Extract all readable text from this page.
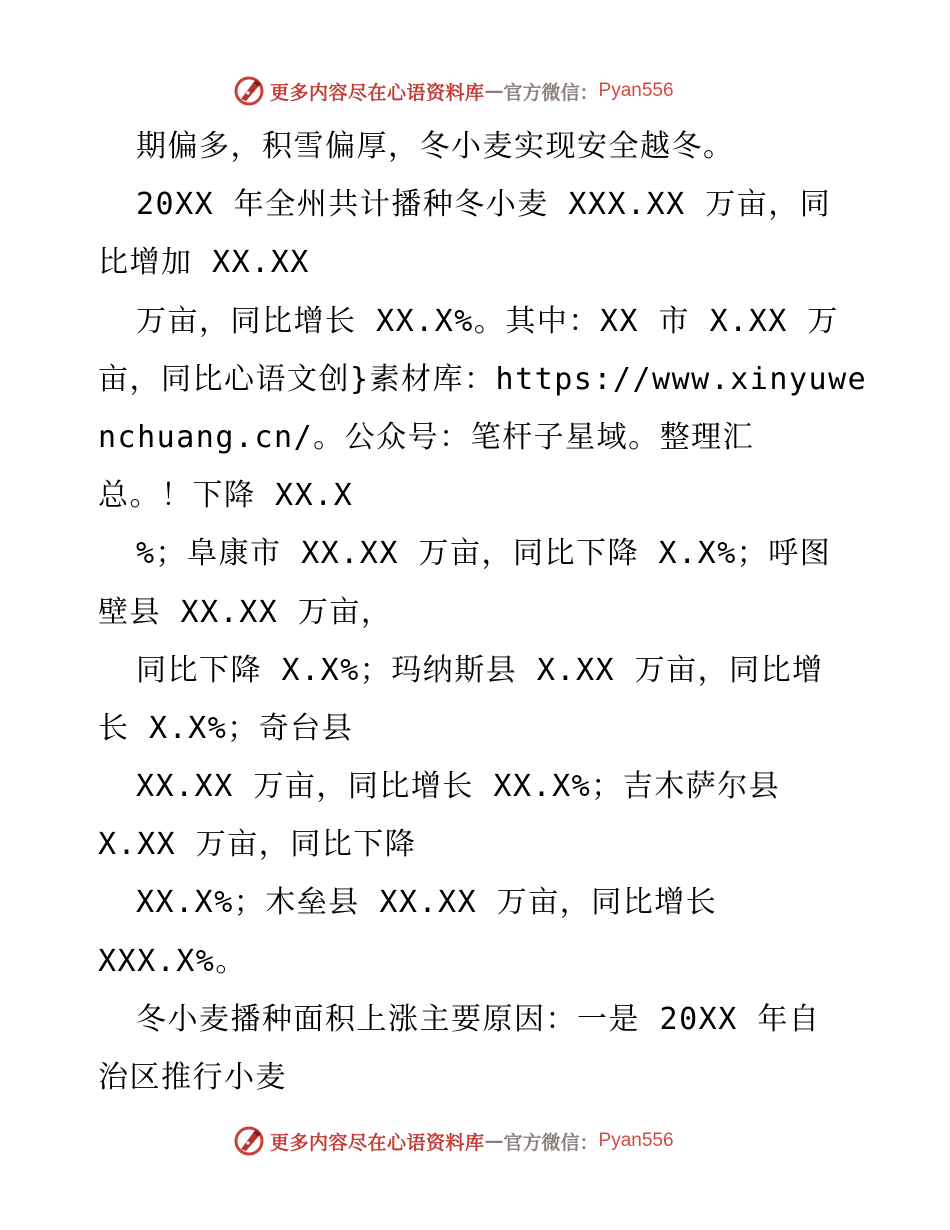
更多内容尽在心语资料库 — 官方微信： Pyan556
期偏多，积雪偏厚，冬小麦实现安全越冬。
20XX 年全州共计播种冬小麦 XXX.XX 万亩，同
比增加 XX.XX
万亩，同比增长 XX.X%。其中：XX 市 X.XX 万
亩，同比心语文创}素材库：https://www.xinyuwe
nchuang.cn/。公众号：笔杆子星域。整理汇
总。！下降 XX.X
%；阜康市 XX.XX 万亩，同比下降 X.X%；呼图
壁县 XX.XX 万亩，
同比下降 X.X%；玛纳斯县 X.XX 万亩，同比增
长 X.X%；奇台县
XX.XX 万亩，同比增长 XX.X%；吉木萨尔县
X.XX 万亩，同比下降
XX.X%；木垒县 XX.XX 万亩，同比增长
XXX.X%。
冬小麦播种面积上涨主要原因：一是 20XX 年自
治区推行小麦
更多内容尽在心语资料库 — 官方微信： Pyan556
